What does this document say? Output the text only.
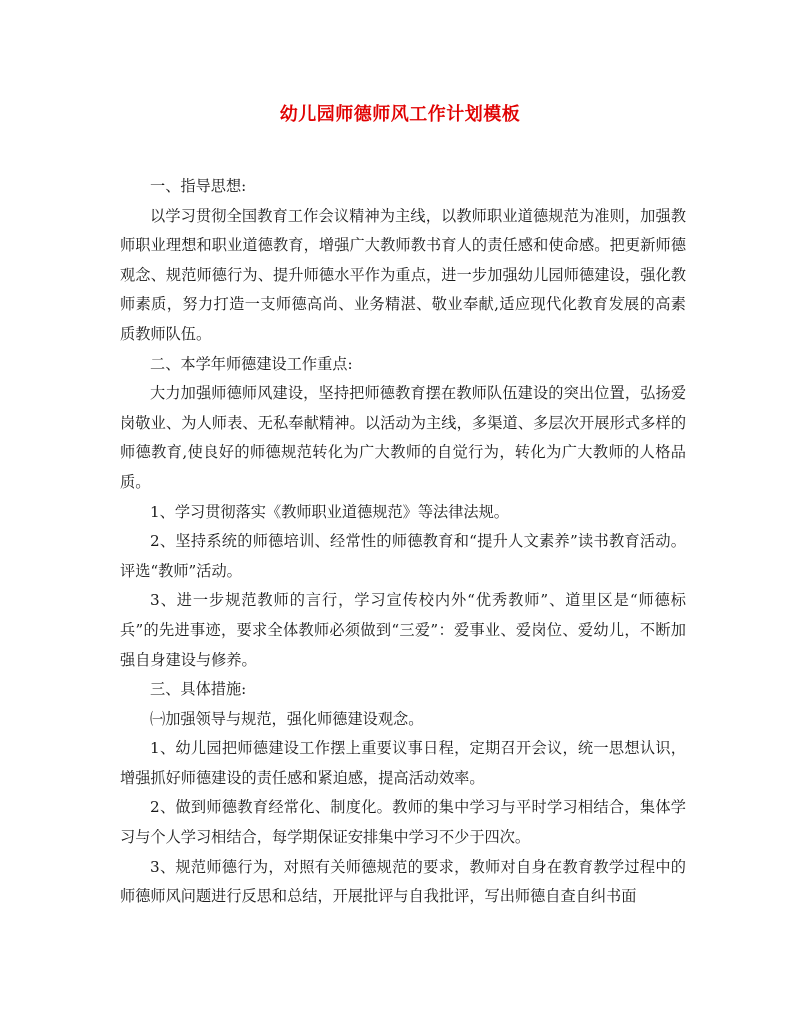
幼儿园师德师风工作计划模板

一、指导思想:

以学习贯彻全国教育工作会议精神为主线，以教师职业道德规范为准则，加强教师职业理想和职业道德教育，增强广大教师教书育人的责任感和使命感。把更新师德观念、规范师德行为、提升师德水平作为重点，进一步加强幼儿园师德建设，强化教师素质，努力打造一支师德高尚、业务精湛、敬业奉献,适应现代化教育发展的高素质教师队伍。

二、本学年师德建设工作重点:

大力加强师德师风建设，坚持把师德教育摆在教师队伍建设的突出位置，弘扬爱岗敬业、为人师表、无私奉献精神。以活动为主线，多渠道、多层次开展形式多样的师德教育,使良好的师德规范转化为广大教师的自觉行为，转化为广大教师的人格品质。

1、学习贯彻落实《教师职业道德规范》等法律法规。

2、坚持系统的师德培训、经常性的师德教育和“提升人文素养”读书教育活动。评选“教师”活动。

3、进一步规范教师的言行，学习宣传校内外“优秀教师”、道里区是“师德标兵”的先进事迹，要求全体教师必须做到“三爱”：爱事业、爱岗位、爱幼儿，不断加强自身建设与修养。

三、具体措施:

㈠加强领导与规范，强化师德建设观念。

1、幼儿园把师德建设工作摆上重要议事日程，定期召开会议，统一思想认识，增强抓好师德建设的责任感和紧迫感，提高活动效率。

2、做到师德教育经常化、制度化。教师的集中学习与平时学习相结合，集体学习与个人学习相结合，每学期保证安排集中学习不少于四次。

3、规范师德行为，对照有关师德规范的要求，教师对自身在教育教学过程中的师德师风问题进行反思和总结，开展批评与自我批评，写出师德自查自纠书面
